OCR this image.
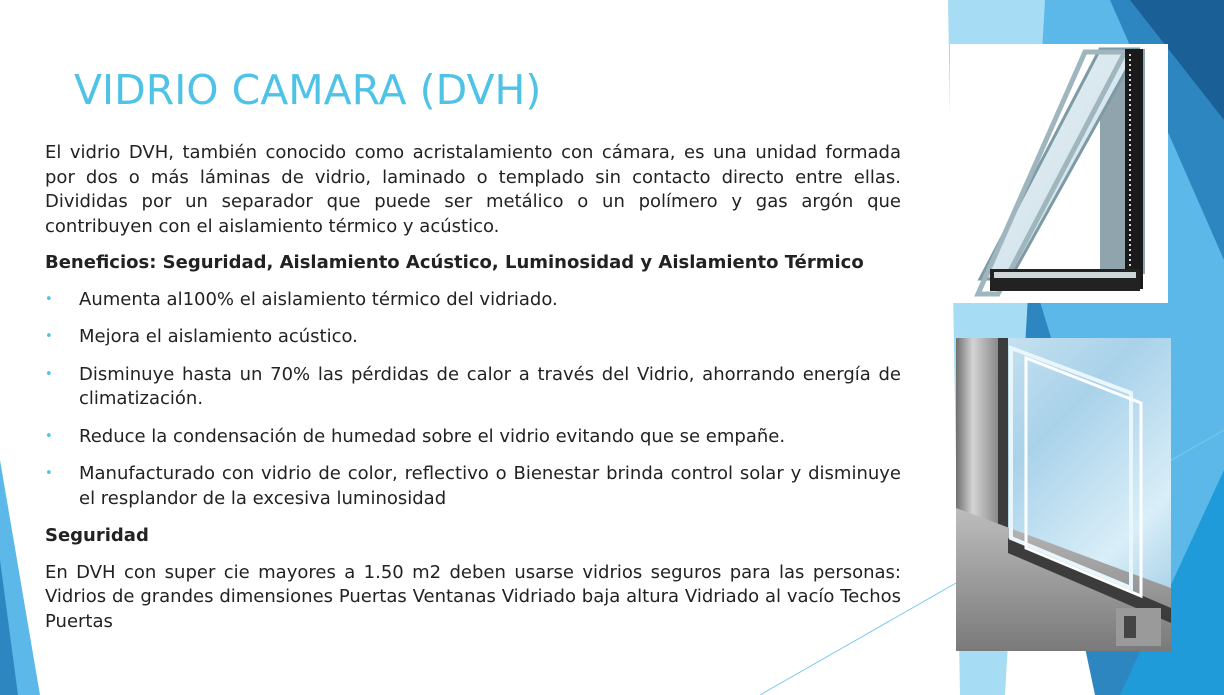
VIDRIO CAMARA (DVH)

El vidrio DVH, también conocido como acristalamiento con cámara, es una unidad formada por dos o más láminas de vidrio, laminado o templado sin contacto directo entre ellas. Divididas por un separador que puede ser metálico o un polímero y gas argón que contribuyen con el aislamiento térmico y acústico.

Beneficios: Seguridad, Aislamiento Acústico, Luminosidad y Aislamiento Térmico

• Aumenta al100% el aislamiento térmico del vidriado.
• Mejora el aislamiento acústico.
• Disminuye hasta un 70% las pérdidas de calor a través del Vidrio, ahorrando energía de climatización.
• Reduce la condensación de humedad sobre el vidrio evitando que se empañe.
• Manufacturado con vidrio de color, reflectivo o Bienestar brinda control solar y disminuye el resplandor de la excesiva luminosidad

Seguridad

En DVH con super cie mayores a 1.50 m2 deben usarse vidrios seguros para las personas: Vidrios de grandes dimensiones Puertas Ventanas Vidriado baja altura Vidriado al vacío Techos Puertas
